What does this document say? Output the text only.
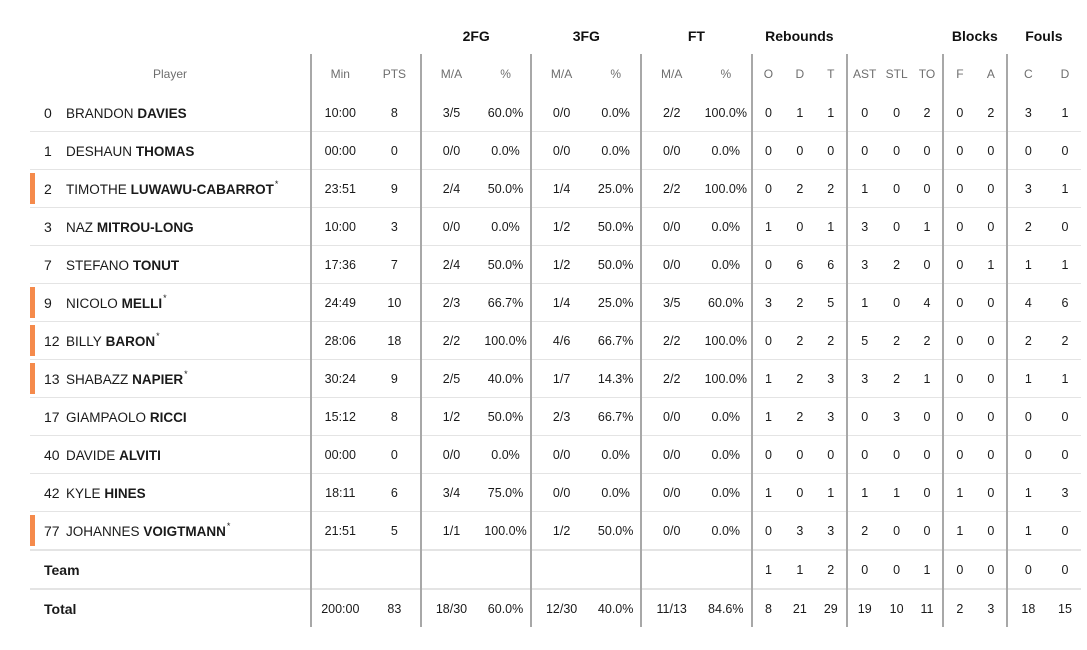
			2FG		3FG		FT		Rebounds						Blocks		Fouls	
Player	Min	PTS	M/A	%	M/A	%	M/A	%	O	D	T	AST	STL	TO	F	A	C	D
0 BRANDON DAVIES	10:00	8	3/5	60.0%	0/0	0.0%	2/2	100.0%	0	1	1	0	0	2	0	2	3	1
1 DESHAUN THOMAS	00:00	0	0/0	0.0%	0/0	0.0%	0/0	0.0%	0	0	0	0	0	0	0	0	0	0

2 TIMOTHE LUWAWU-CABARROT*	23:51	9	2/4	50.0%	1/4	25.0%	2/2	100.0%	0	2	2	1	0	0	0	0	3	1
3 NAZ MITROU-LONG	10:00	3	0/0	0.0%	1/2	50.0%	0/0	0.0%	1	0	1	3	0	1	0	0	2	0
7 STEFANO TONUT	17:36	7	2/4	50.0%	1/2	50.0%	0/0	0.0%	0	6	6	3	2	0	0	1	1	1

9 NICOLO MELLI*	24:49	10	2/3	66.7%	1/4	25.0%	3/5	60.0%	3	2	5	1	0	4	0	0	4	6

12 BILLY BARON*	28:06	18	2/2	100.0%	4/6	66.7%	2/2	100.0%	0	2	2	5	2	2	0	0	2	2

13 SHABAZZ NAPIER*	30:24	9	2/5	40.0%	1/7	14.3%	2/2	100.0%	1	2	3	3	2	1	0	0	1	1
17 GIAMPAOLO RICCI	15:12	8	1/2	50.0%	2/3	66.7%	0/0	0.0%	1	2	3	0	3	0	0	0	0	0
40 DAVIDE ALVITI	00:00	0	0/0	0.0%	0/0	0.0%	0/0	0.0%	0	0	0	0	0	0	0	0	0	0
42 KYLE HINES	18:11	6	3/4	75.0%	0/0	0.0%	0/0	0.0%	1	0	1	1	1	0	1	0	1	3

77 JOHANNES VOIGTMANN*	21:51	5	1/1	100.0%	1/2	50.0%	0/0	0.0%	0	3	3	2	0	0	1	0	1	0
Team									1	1	2	0	0	1	0	0	0	0
Total	200:00	83	18/30	60.0%	12/30	40.0%	11/13	84.6%	8	21	29	19	10	11	2	3	18	15
